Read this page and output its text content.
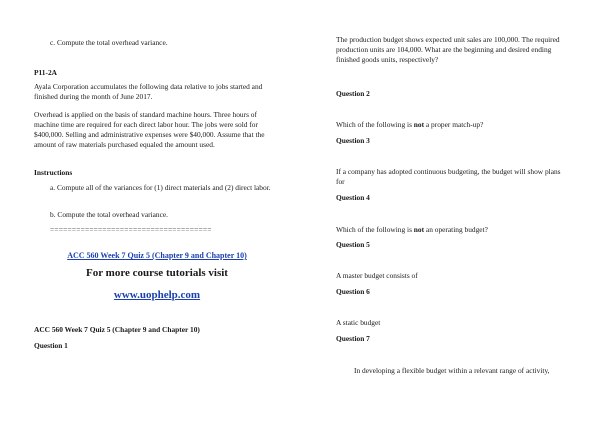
c. Compute the total overhead variance.

P11-2A

Ayala Corporation accumulates the following data relative to jobs started and finished during the month of June 2017.

Overhead is applied on the basis of standard machine hours. Three hours of machine time are required for each direct labor hour. The jobs were sold for $400,000. Selling and administrative expenses were $40,000. Assume that the amount of raw materials purchased equaled the amount used.

Instructions

a. Compute all of the variances for (1) direct materials and (2) direct labor.

b. Compute the total overhead variance.

=====================================

ACC 560 Week 7 Quiz 5 (Chapter 9 and Chapter 10)

For more course tutorials visit

www.uophelp.com

ACC 560 Week 7 Quiz 5 (Chapter 9 and Chapter 10)

Question 1

The production budget shows expected unit sales are 100,000. The required production units are 104,000. What are the beginning and desired ending finished goods units, respectively?

Question 2

Which of the following is not a proper match-up?

Question 3

If a company has adopted continuous budgeting, the budget will show plans for

Question 4

Which of the following is not an operating budget?

Question 5

A master budget consists of

Question 6

A static budget

Question 7

In developing a flexible budget within a relevant range of activity,
